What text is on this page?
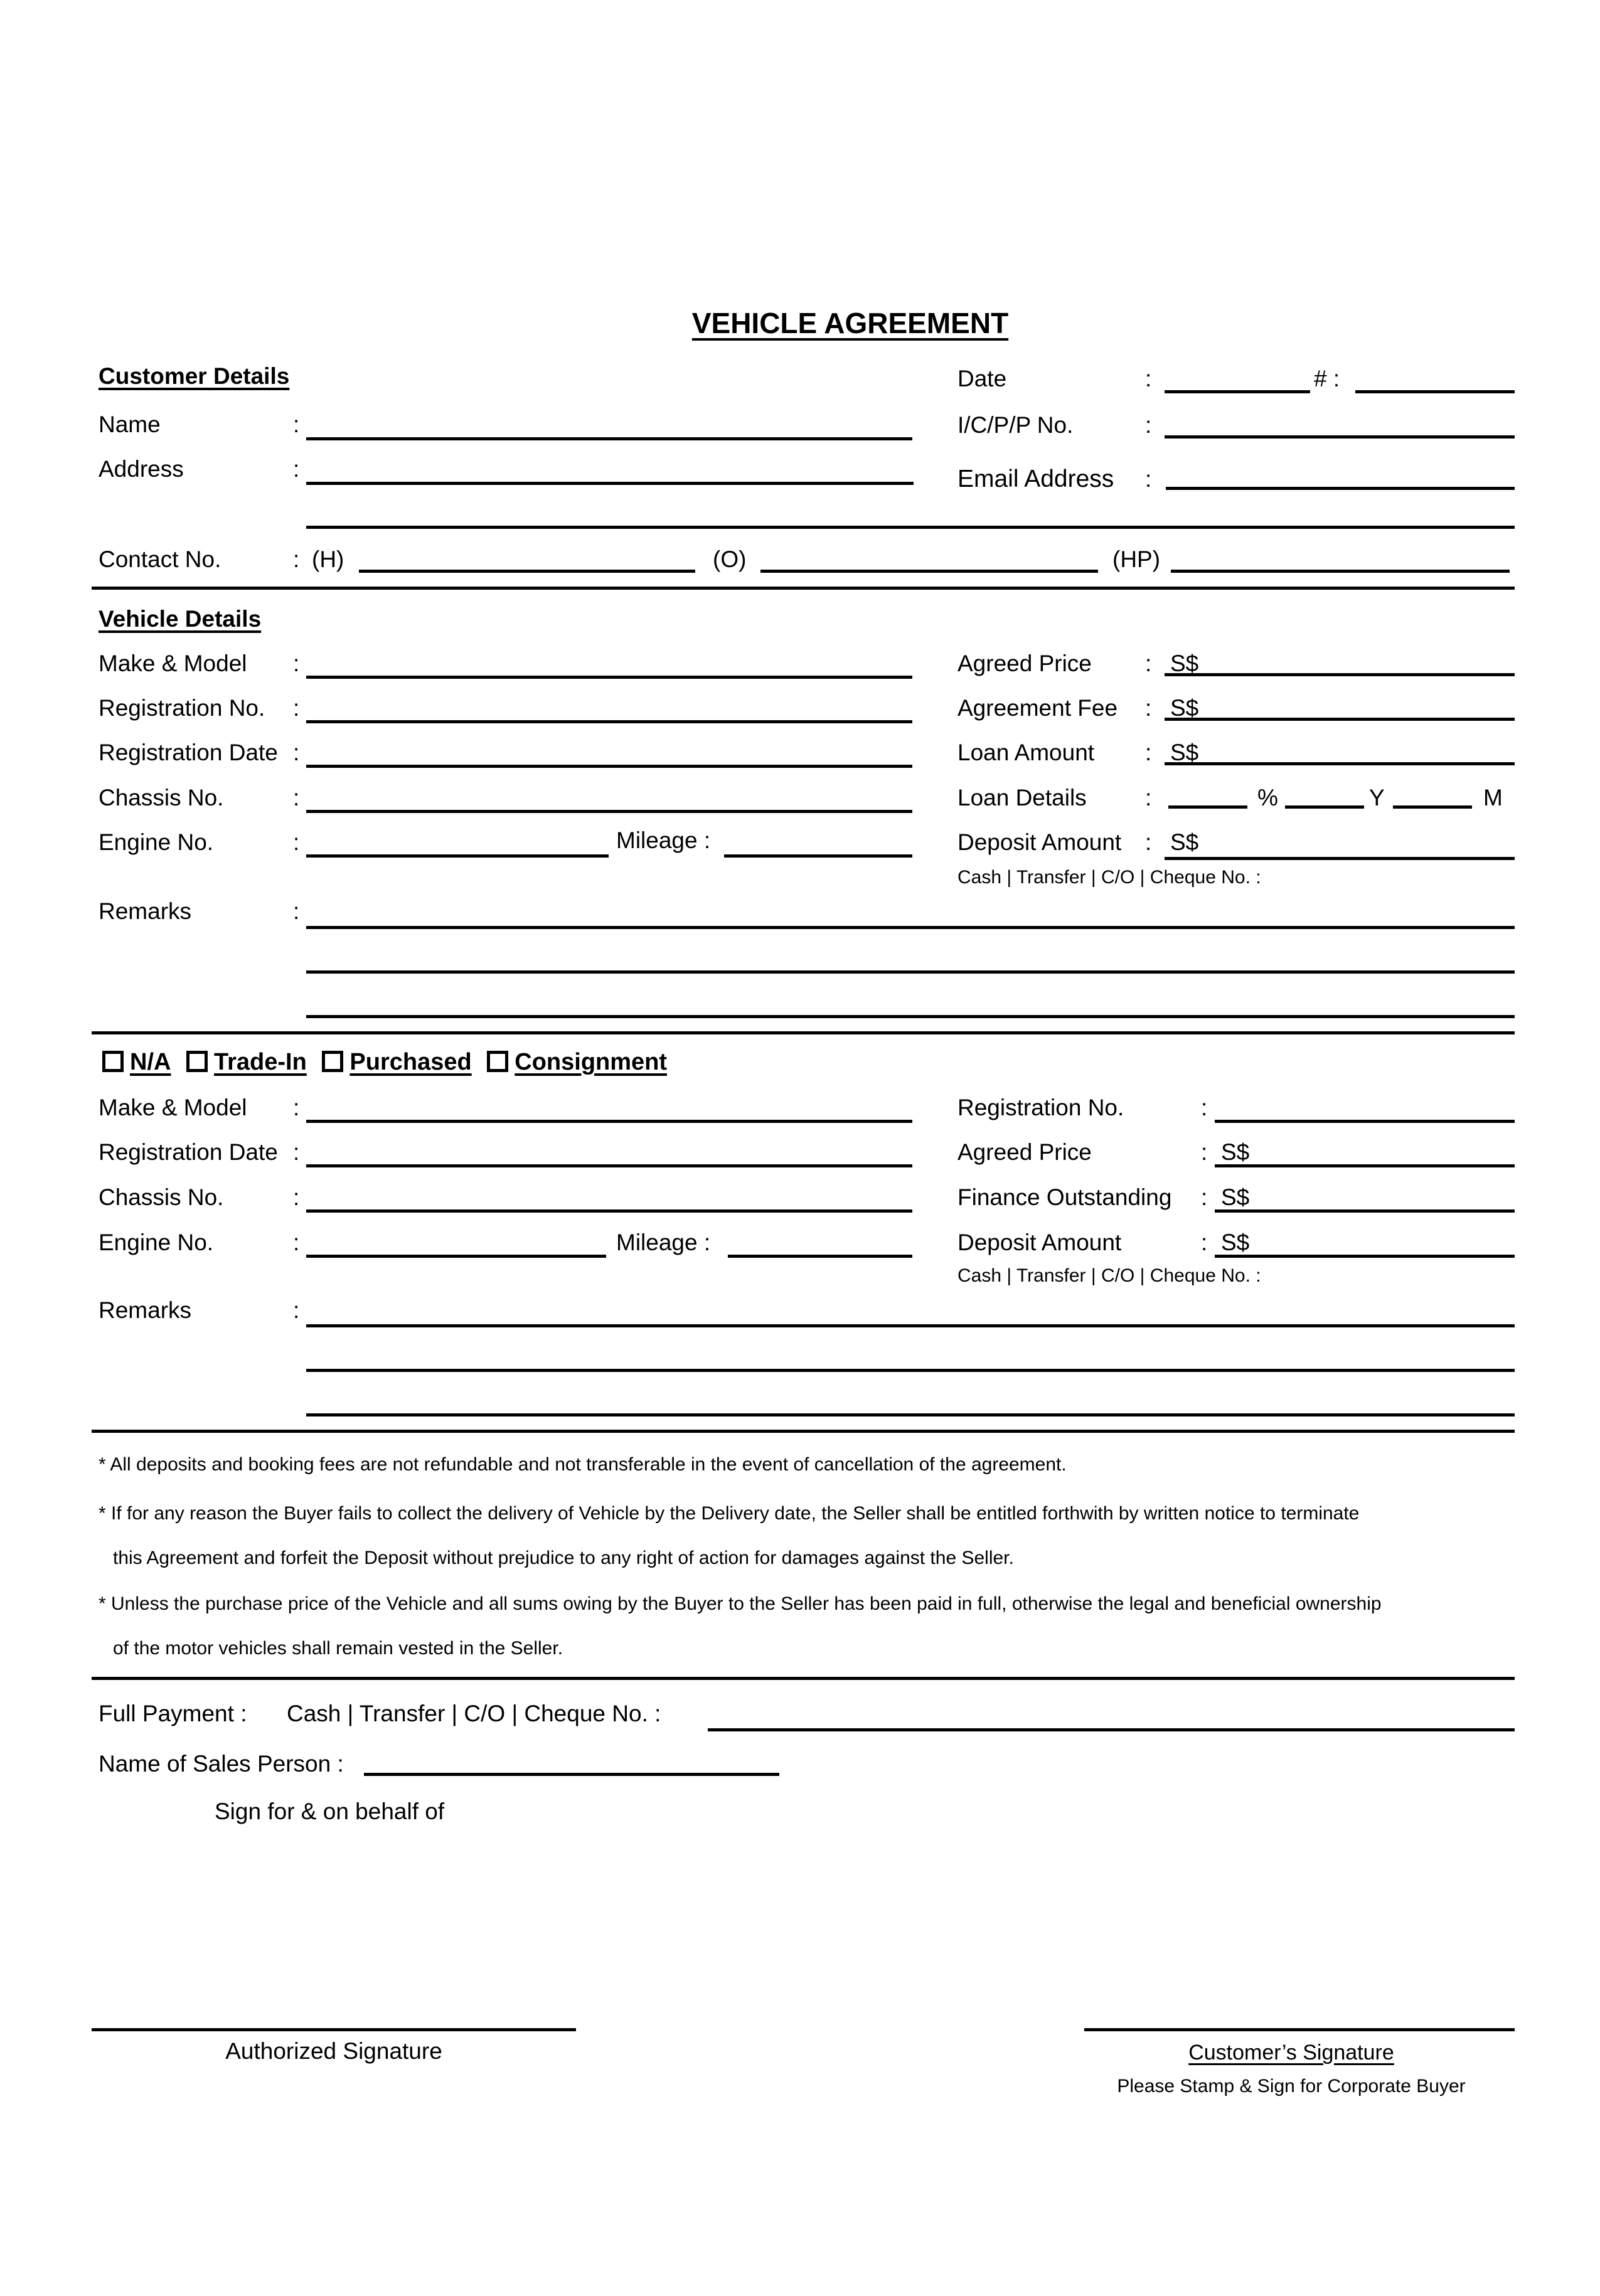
VEHICLE AGREEMENT
Customer Details
Name	:
Address	:
Contact No.	: (H)	(O)	(HP)
Date	:	# :
I/C/P/P No.	:
Email Address :
Vehicle Details
Make & Model :
Registration No. :
Registration Date :
Chassis No.	:
Engine No.	:	Mileage :
Remarks	:
Agreed Price : S$
Agreement Fee : S$
Loan Amount : S$
Loan Details	:	%	Y	M
Deposit Amount : S$
Cash | Transfer | C/O | Cheque No. :
N/A Trade-In Purchased Consignment
Make & Model :
Registration Date :
Chassis No.	:
Engine No.	:	Mileage :
Remarks	:
Registration No.	:
Agreed Price	: S$
Finance Outstanding : S$
Deposit Amount	: S$
Cash | Transfer | C/O | Cheque No. :
* All deposits and booking fees are not refundable and not transferable in the event of cancellation of the agreement.
* If for any reason the Buyer fails to collect the delivery of Vehicle by the Delivery date, the Seller shall be entitled forthwith by written notice to terminate
this Agreement and forfeit the Deposit without prejudice to any right of action for damages against the Seller.
* Unless the purchase price of the Vehicle and all sums owing by the Buyer to the Seller has been paid in full, otherwise the legal and beneficial ownership
of the motor vehicles shall remain vested in the Seller.
Full Payment : Cash | Transfer | C/O | Cheque No. :
Name of Sales Person :
Sign for & on behalf of
Authorized Signature	Customer’s Signature
Please Stamp & Sign for Corporate Buyer
